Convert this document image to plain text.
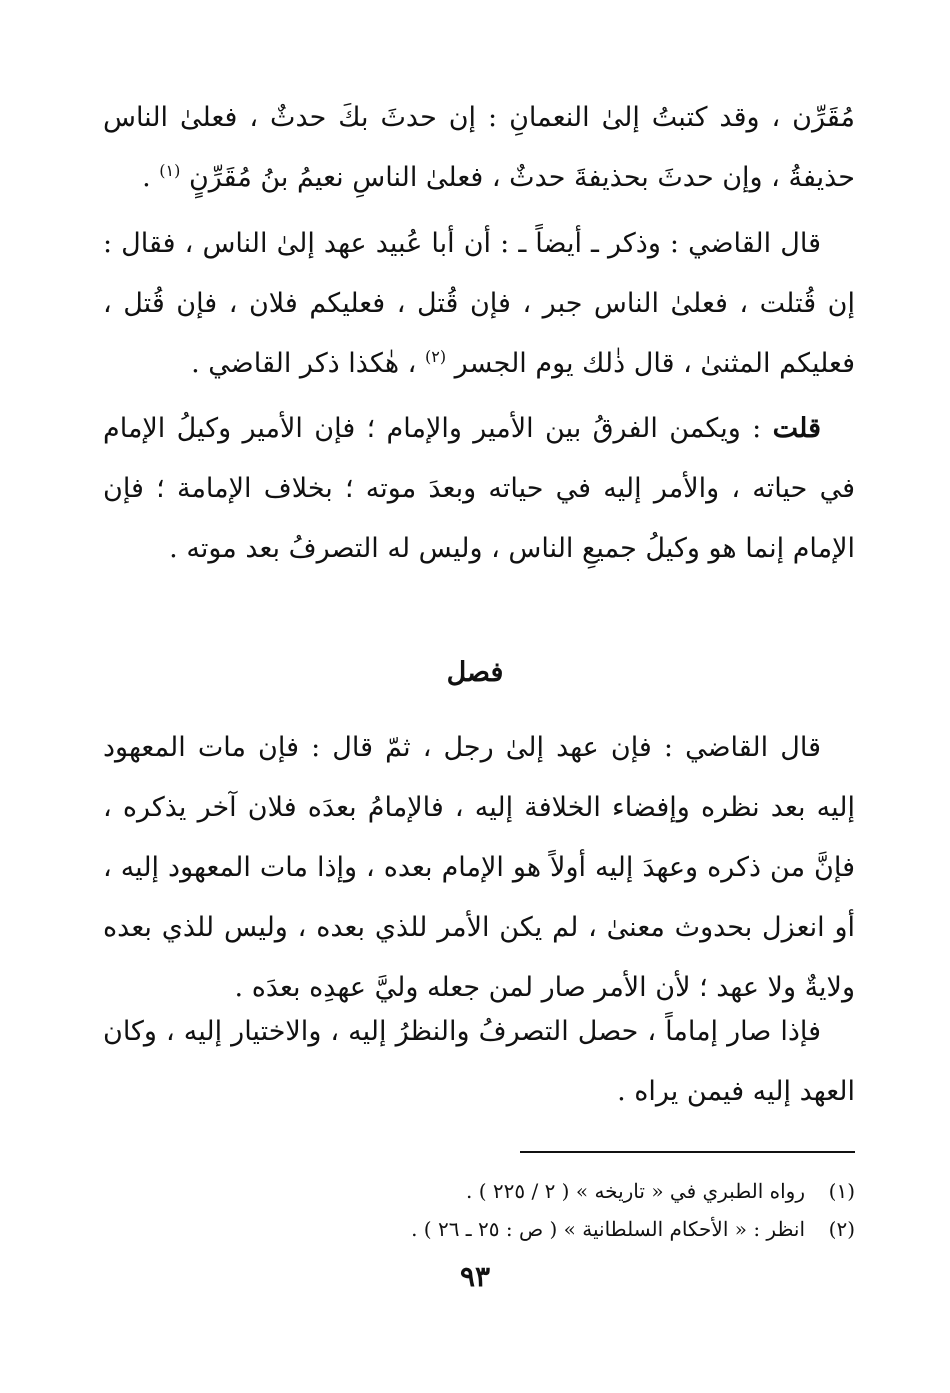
مُقَرِّن ، وقد كتبتُ إلىٰ النعمانِ : إن حدثَ بكَ حدثٌ ، فعلىٰ الناس حذيفةُ ، وإن حدثَ بحذيفةَ حدثٌ ، فعلىٰ الناسِ نعيمُ بنُ مُقَرِّنٍ $^{(١)}$ .

قال القاضي : وذكر ـ أيضاً ـ : أن أبا عُبيد عهد إلىٰ الناس ، فقال : إن قُتلت ، فعلىٰ الناس جبر ، فإن قُتل ، فعليكم فلان ، فإن قُتل ، فعليكم المثنىٰ ، قال ذٰلك يوم الجسر $^{(٢)}$ ، هٰكذا ذكر القاضي .

قلت : ويكمن الفرقُ بين الأمير والإمام ؛ فإن الأمير وكيلُ الإمام في حياته ، والأمر إليه في حياته وبعدَ موته ؛ بخلاف الإمامة ؛ فإن الإمام إنما هو وكيلُ جميعِ الناس ، وليس له التصرفُ بعد موته .

فصل

قال القاضي : فإن عهد إلىٰ رجل ، ثمّ قال : فإن مات المعهود إليه بعد نظره وإفضاء الخلافة إليه ، فالإمامُ بعدَه فلان آخر يذكره ، فإنَّ من ذكره وعهدَ إليه أولاً هو الإمام بعده ، وإذا مات المعهود إليه ، أو انعزل بحدوث معنىٰ ، لم يكن الأمر للذي بعده ، وليس للذي بعده ولايةٌ ولا عهد ؛ لأن الأمر صار لمن جعله وليَّ عهدِه بعدَه .

فإذا صار إماماً ، حصل التصرفُ والنظرُ إليه ، والاختيار إليه ، وكان العهد إليه فيمن يراه .

(١)
رواه الطبري في « تاريخه » ( ٢ / ٢٢٥ ) .
(٢)
انظر : « الأحكام السلطانية » ( ص : ٢٥ ـ ٢٦ ) .
٩٣
